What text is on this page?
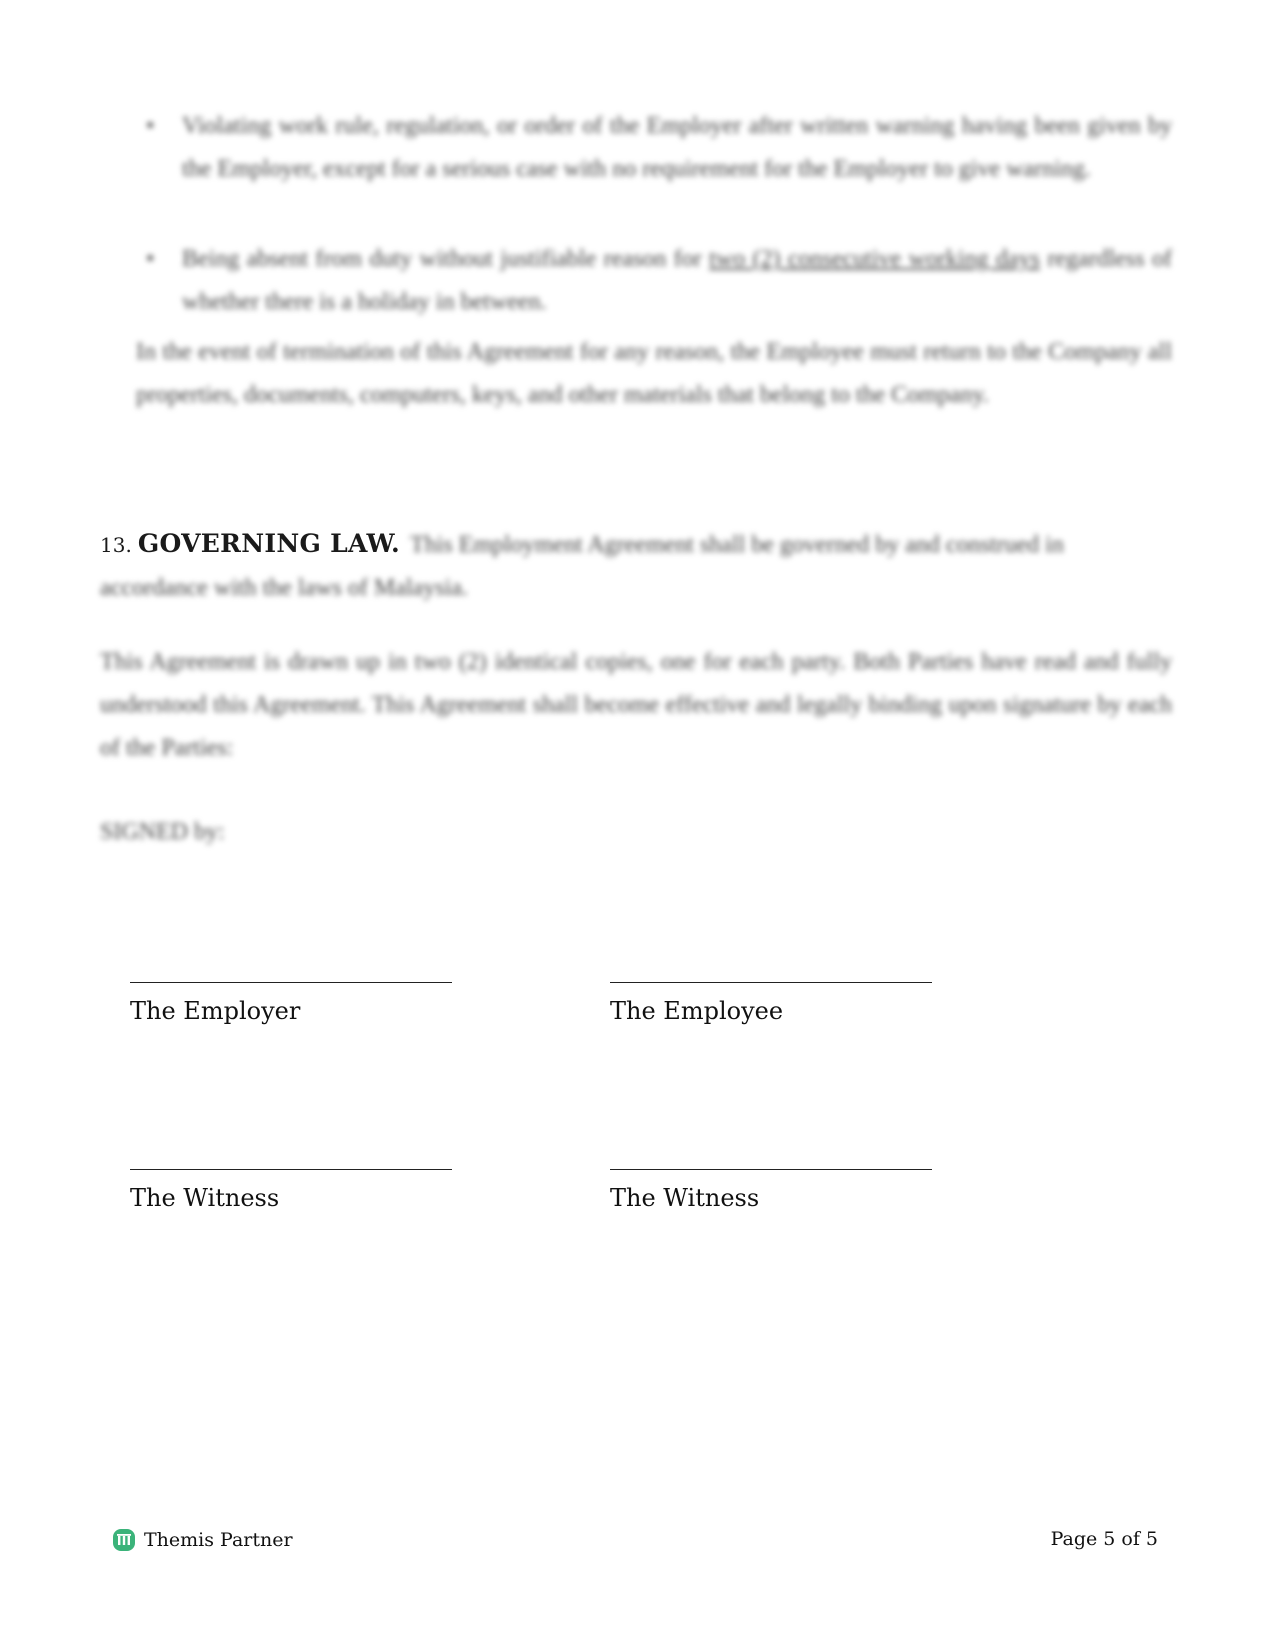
• Violating work rule, regulation, or order of the Employer after written warning having been given by the Employer, except for a serious case with no requirement for the Employer to give warning.
• Being absent from duty without justifiable reason for two (2) consecutive working days regardless of whether there is a holiday in between.
In the event of termination of this Agreement for any reason, the Employee must return to the Company all properties, documents, computers, keys, and other materials that belong to the Company.
13. GOVERNING LAW. This Employment Agreement shall be governed by and construed in accordance with the laws of Malaysia.
This Agreement is drawn up in two (2) identical copies, one for each party. Both Parties have read and fully understood this Agreement. This Agreement shall become effective and legally binding upon signature by each of the Parties:
SIGNED by:
The Employer	The Employee
The Witness	The Witness
Themis Partner	Page 5 of 5
